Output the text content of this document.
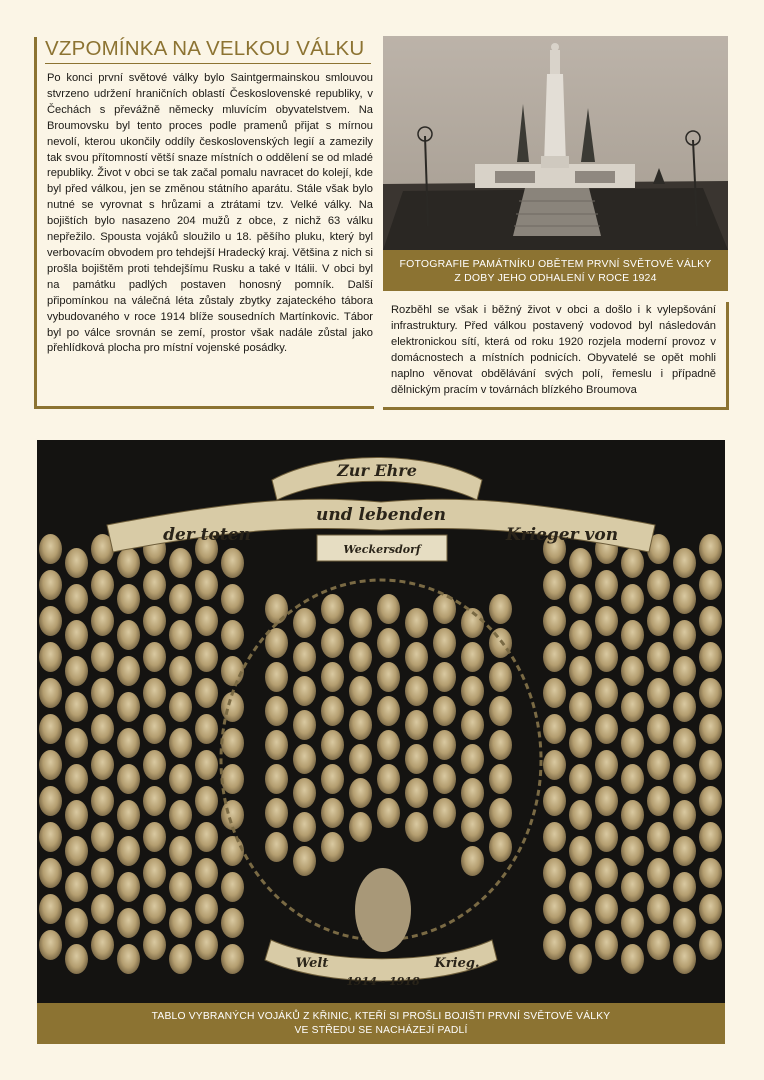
VZPOMÍNKA NA VELKOU VÁLKU
Po konci první světové války bylo Saintgermainskou smlouvou stvrzeno udržení hraničních oblastí Československé republiky, v Čechách s převážně německy mluvícím obyvatelstvem. Na Broumovsku byl tento proces podle pramenů přijat s mírnou nevolí, kterou ukončily oddíly československých legií a zamezily tak svou přítomností větší snaze místních o oddělení se od mladé republiky. Život v obci se tak začal pomalu navracet do kolejí, kde byl před válkou, jen se změnou státního aparátu. Stále však bylo nutné se vyrovnat s hrůzami a ztrátami tzv. Velké války. Na bojištích bylo nasazeno 204 mužů z obce, z nichž 63 válku nepřežilo. Spousta vojáků sloužilo u 18. pěšího pluku, který byl verbovacím obvodem pro tehdejší Hradecký kraj. Většina z nich si prošla bojištěm proti tehdejšímu Rusku a také v Itálii. V obci byl na památku padlých postaven honosný pomník. Další připomínkou na válečná léta zůstaly zbytky zajateckého tábora vybudovaného v roce 1914 blíže sousedních Martínkovic. Tábor byl po válce srovnán se zemí, prostor však nadále zůstal jako přehlídková plocha pro místní vojenské posádky.
FOTOGRAFIE PAMÁTNÍKU OBĚTEM PRVNÍ SVĚTOVÉ VÁLKY
Z DOBY JEHO ODHALENÍ V ROCE 1924
Rozběhl se však i běžný život v obci a došlo i k vylepšování infrastruktury. Před válkou postavený vodovod byl následován elektronickou sítí, která od roku 1920 rozjela moderní provoz v domácnostech a místních podnicích. Obyvatelé se opět mohli naplno věnovat obdělávání svých polí, řemeslu i případně dělnickým pracím v továrnách blízkého Broumova
Zur Ehre
der toten
und lebenden
Krieger von
Weckersdorf
Welt	Krieg.
1914 - 1918
TABLO VYBRANÝCH VOJÁKŮ Z KŘINIC, KTEŘÍ SI PROŠLI BOJIŠTI PRVNÍ SVĚTOVÉ VÁLKY
VE STŘEDU SE NACHÁZEJÍ PADLÍ
